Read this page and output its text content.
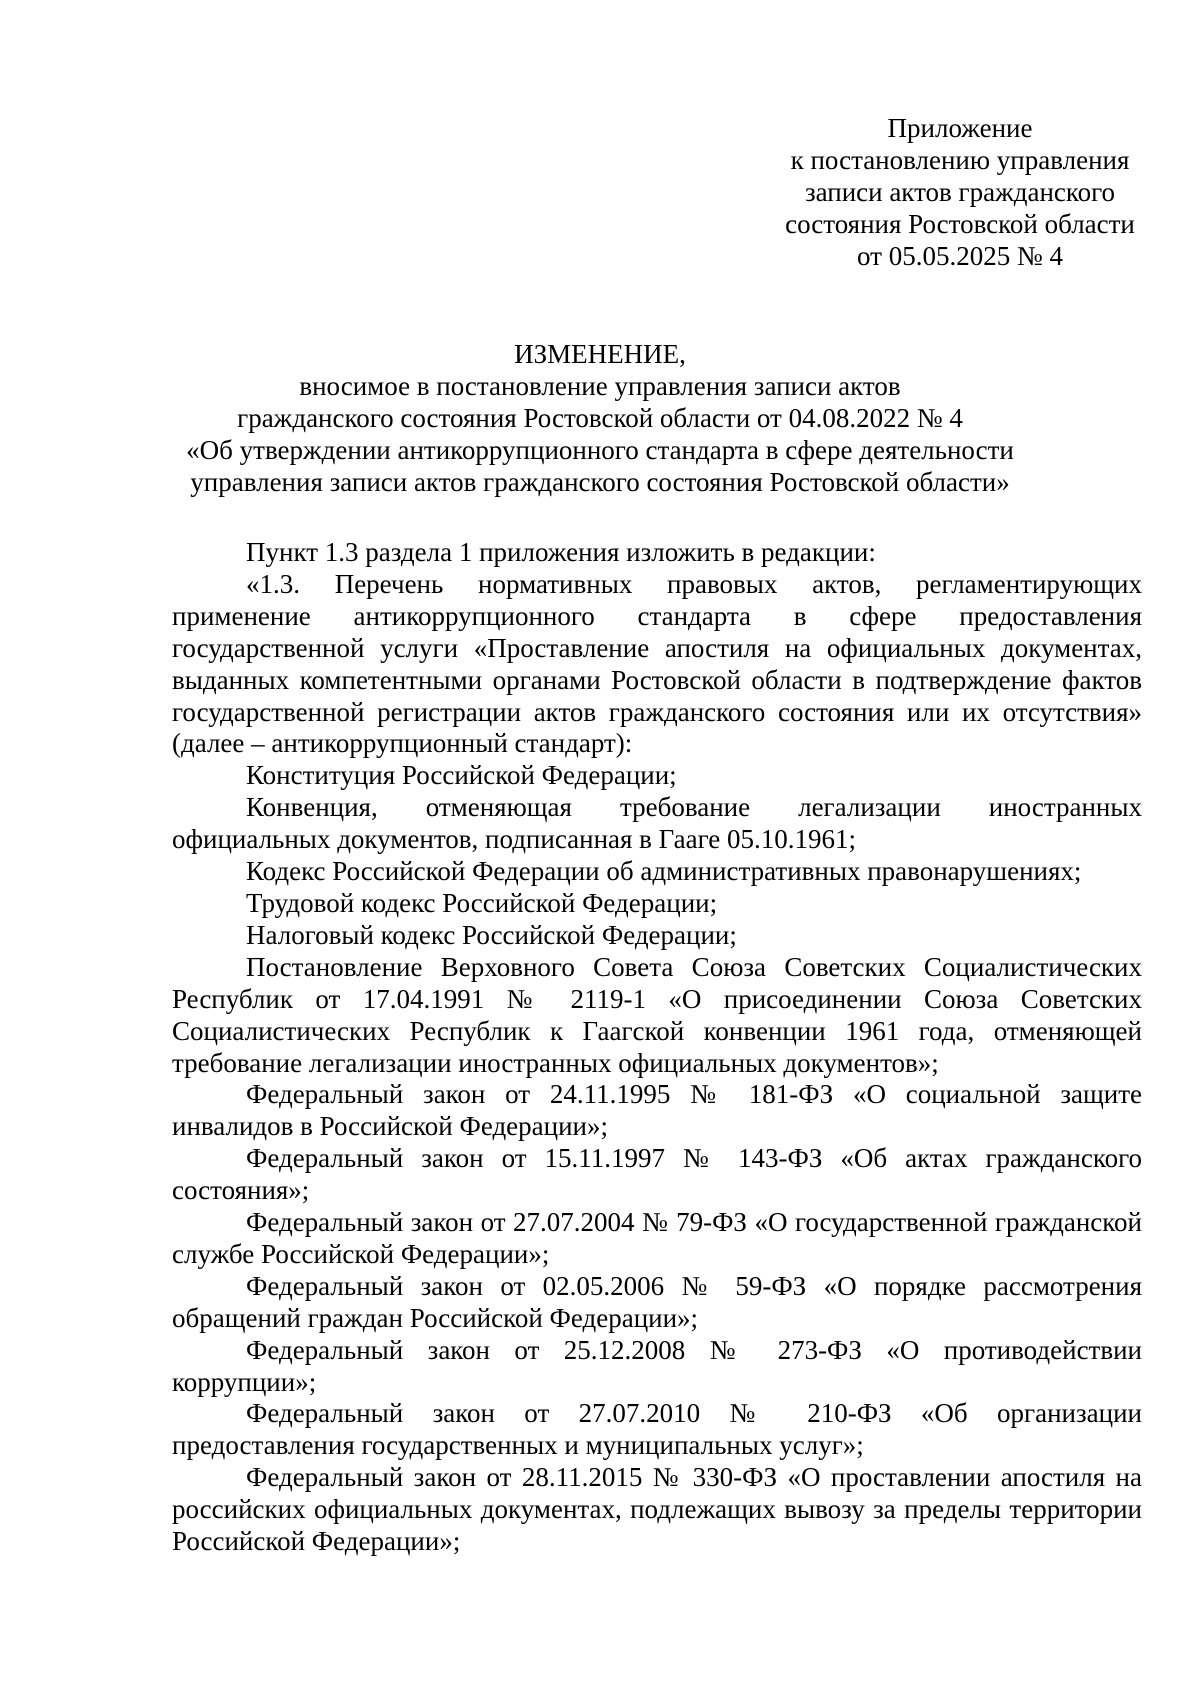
Приложение
к постановлению управления
записи актов гражданского
состояния Ростовской области
от 05.05.2025 № 4
ИЗМЕНЕНИЕ,
вносимое в постановление управления записи актов
гражданского состояния Ростовской области от 04.08.2022 № 4
«Об утверждении антикоррупционного стандарта в сфере деятельности
управления записи актов гражданского состояния Ростовской области»

Пункт 1.3 раздела 1 приложения изложить в редакции:

«1.3. Перечень нормативных правовых актов, регламентирующих применение антикоррупционного стандарта в сфере предоставления государственной услуги «Проставление апостиля на официальных документах, выданных компетентными органами Ростовской области в подтверждение фактов государственной регистрации актов гражданского состояния или их отсутствия» (далее – антикоррупционный стандарт):

Конституция Российской Федерации;

Конвенция, отменяющая требование легализации иностранных официальных документов, подписанная в Гааге 05.10.1961;

Кодекс Российской Федерации об административных правонарушениях;

Трудовой кодекс Российской Федерации;

Налоговый кодекс Российской Федерации;

Постановление Верховного Совета Союза Советских Социалистических Республик от 17.04.1991 № 2119-1 «О присоединении Союза Советских Социалистических Республик к Гаагской конвенции 1961 года, отменяющей требование легализации иностранных официальных документов»;

Федеральный закон от 24.11.1995 № 181-ФЗ «О социальной защите инвалидов в Российской Федерации»;

Федеральный закон от 15.11.1997 № 143-ФЗ «Об актах гражданского состояния»;

Федеральный закон от 27.07.2004 № 79-ФЗ «О государственной гражданской службе Российской Федерации»;

Федеральный закон от 02.05.2006 № 59-ФЗ «О порядке рассмотрения обращений граждан Российской Федерации»;

Федеральный закон от 25.12.2008 № 273-ФЗ «О противодействии коррупции»;

Федеральный закон от 27.07.2010 № 210-ФЗ «Об организации предоставления государственных и муниципальных услуг»;

Федеральный закон от 28.11.2015 № 330-ФЗ «О проставлении апостиля на российских официальных документах, подлежащих вывозу за пределы территории Российской Федерации»;
